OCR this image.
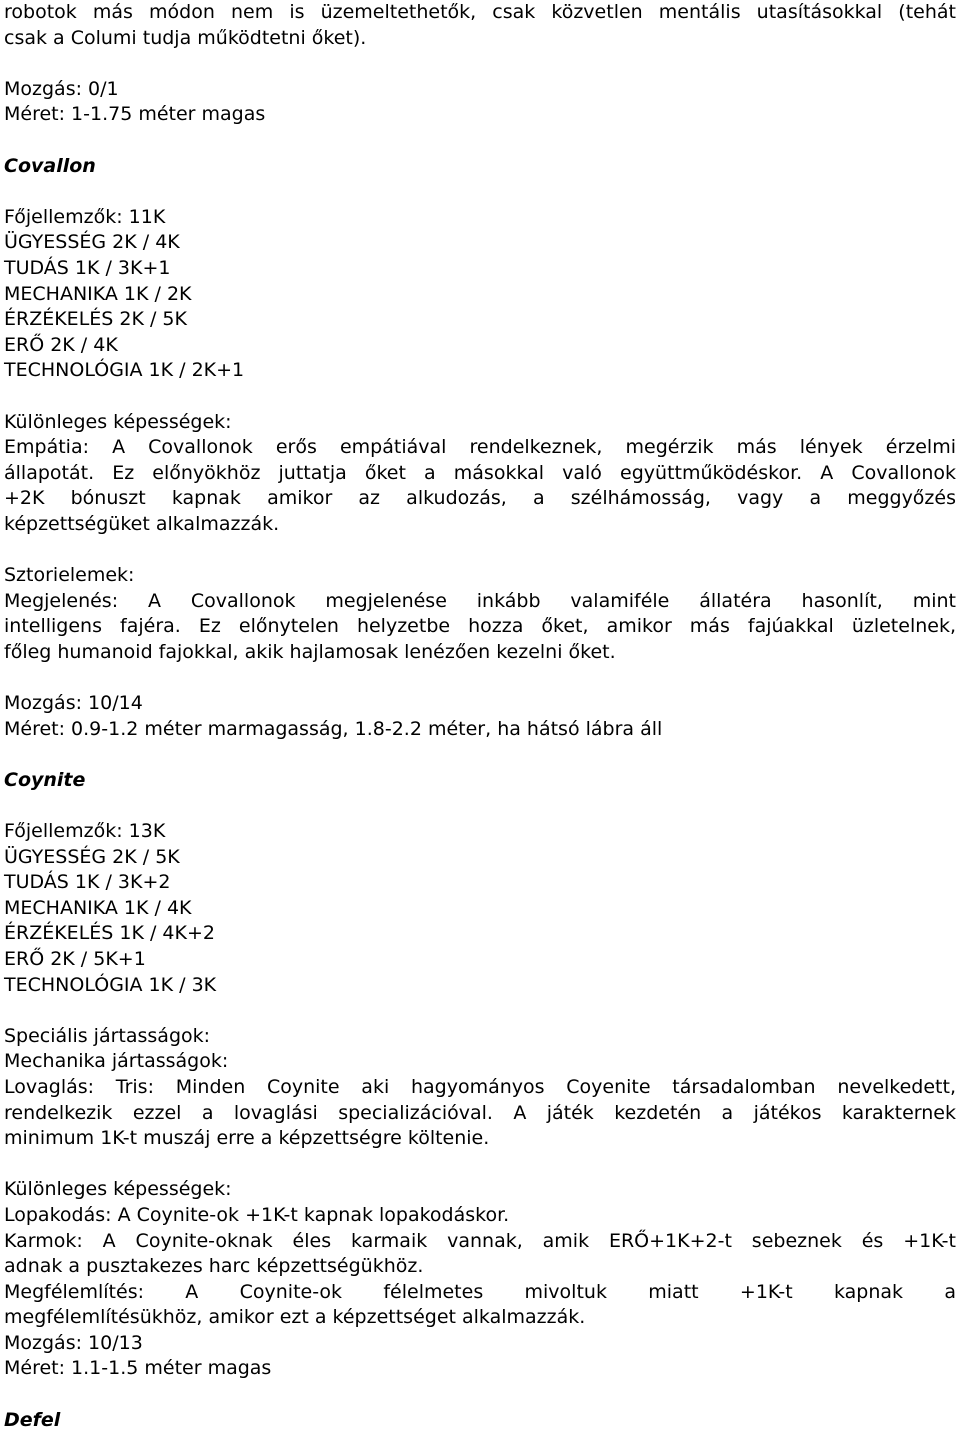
robotok más módon nem is üzemeltethetők, csak közvetlen mentális utasításokkal (tehát
csak a Columi tudja működtetni őket).
Mozgás: 0/1
Méret: 1-1.75 méter magas
Covallon
Főjellemzők: 11K
ÜGYESSÉG 2K / 4K
TUDÁS 1K / 3K+1
MECHANIKA 1K / 2K
ÉRZÉKELÉS 2K / 5K
ERŐ 2K / 4K
TECHNOLÓGIA 1K / 2K+1
Különleges képességek:
Empátia: A Covallonok erős empátiával rendelkeznek, megérzik más lények érzelmi
állapotát. Ez előnyökhöz juttatja őket a másokkal való együttműködéskor. A Covallonok
+2K bónuszt kapnak amikor az alkudozás, a szélhámosság, vagy a meggyőzés
képzettségüket alkalmazzák.
Sztorielemek:
Megjelenés: A Covallonok megjelenése inkább valamiféle állatéra hasonlít, mint
intelligens fajéra. Ez előnytelen helyzetbe hozza őket, amikor más fajúakkal üzletelnek,
főleg humanoid fajokkal, akik hajlamosak lenézően kezelni őket.
Mozgás: 10/14
Méret: 0.9-1.2 méter marmagasság, 1.8-2.2 méter, ha hátsó lábra áll
Coynite
Főjellemzők: 13K
ÜGYESSÉG 2K / 5K
TUDÁS 1K / 3K+2
MECHANIKA 1K / 4K
ÉRZÉKELÉS 1K / 4K+2
ERŐ 2K / 5K+1
TECHNOLÓGIA 1K / 3K
Speciális jártasságok:
Mechanika jártasságok:
Lovaglás: Tris: Minden Coynite aki hagyományos Coyenite társadalomban nevelkedett,
rendelkezik ezzel a lovaglási specializációval. A játék kezdetén a játékos karakternek
minimum 1K-t muszáj erre a képzettségre költenie.
Különleges képességek:
Lopakodás: A Coynite-ok +1K-t kapnak lopakodáskor.
Karmok: A Coynite-oknak éles karmaik vannak, amik ERŐ+1K+2-t sebeznek és +1K-t
adnak a pusztakezes harc képzettségükhöz.
Megfélemlítés: A Coynite-ok félelmetes mivoltuk miatt +1K-t kapnak a
megfélemlítésükhöz, amikor ezt a képzettséget alkalmazzák.
Mozgás: 10/13
Méret: 1.1-1.5 méter magas
Defel
